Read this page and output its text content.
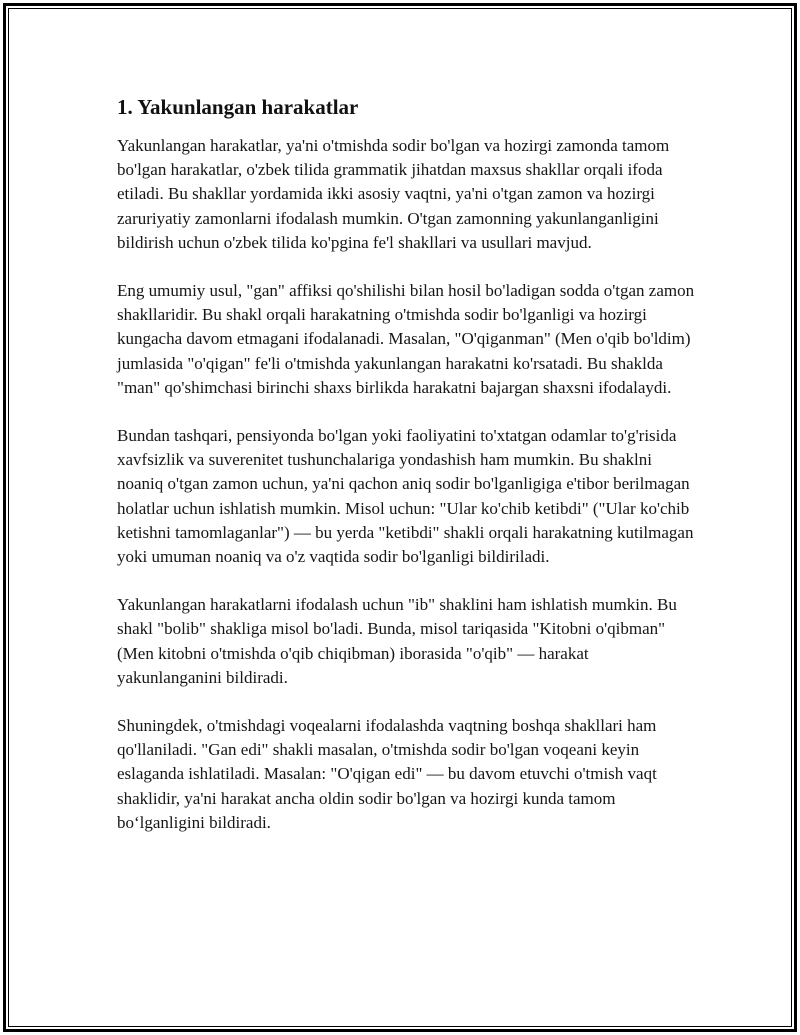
1. Yakunlangan harakatlar

Yakunlangan harakatlar, ya'ni o'tmishda sodir bo'lgan va hozirgi zamonda tamom bo'lgan harakatlar, o'zbek tilida grammatik jihatdan maxsus shakllar orqali ifoda etiladi. Bu shakllar yordamida ikki asosiy vaqtni, ya'ni o'tgan zamon va hozirgi zaruriyatiy zamonlarni ifodalash mumkin. O'tgan zamonning yakunlanganligini bildirish uchun o'zbek tilida ko'pgina fe'l shakllari va usullari mavjud.

Eng umumiy usul, "gan" affiksi qo'shilishi bilan hosil bo'ladigan sodda o'tgan zamon shakllaridir. Bu shakl orqali harakatning o'tmishda sodir bo'lganligi va hozirgi kungacha davom etmagani ifodalanadi. Masalan, "O'qiganman" (Men o'qib bo'ldim) jumlasida "o'qigan" fe'li o'tmishda yakunlangan harakatni ko'rsatadi. Bu shaklda "man" qo'shimchasi birinchi shaxs birlikda harakatni bajargan shaxsni ifodalaydi.

Bundan tashqari, pensiyonda bo'lgan yoki faoliyatini to'xtatgan odamlar to'g'risida xavfsizlik va suverenitet tushunchalariga yondashish ham mumkin. Bu shaklni noaniq o'tgan zamon uchun, ya'ni qachon aniq sodir bo'lganligiga e'tibor berilmagan holatlar uchun ishlatish mumkin. Misol uchun: "Ular ko'chib ketibdi" ("Ular ko'chib ketishni tamomlaganlar") — bu yerda "ketibdi" shakli orqali harakatning kutilmagan yoki umuman noaniq va o'z vaqtida sodir bo'lganligi bildiriladi.

Yakunlangan harakatlarni ifodalash uchun "ib" shaklini ham ishlatish mumkin. Bu shakl "bolib" shakliga misol bo'ladi. Bunda, misol tariqasida "Kitobni o'qibman" (Men kitobni o'tmishda o'qib chiqibman) iborasida "o'qib" — harakat yakunlanganini bildiradi.

Shuningdek, o'tmishdagi voqealarni ifodalashda vaqtning boshqa shakllari ham qo'llaniladi. "Gan edi" shakli masalan, o'tmishda sodir bo'lgan voqeani keyin eslaganda ishlatiladi. Masalan: "O'qigan edi" — bu davom etuvchi o'tmish vaqt shaklidir, ya'ni harakat ancha oldin sodir bo'lgan va hozirgi kunda tamom bo‘lganligini bildiradi.
